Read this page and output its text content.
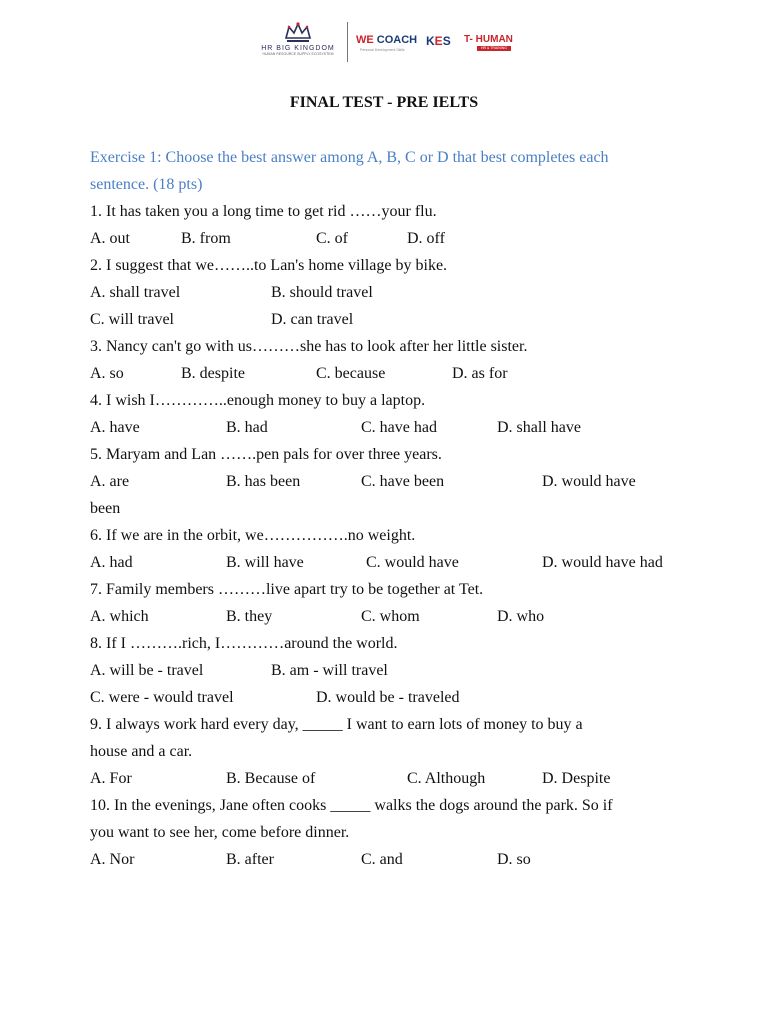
HR BIG KINGDOM
HUMAN RESOURCE SUPPLY ECOSYSTEM
WE COACH
Personal Development Skills
KES T- HUMAN
HR & TRAINING
FINAL TEST - PRE IELTS
Exercise 1: Choose the best answer among A, B, C or D that best completes each
sentence. (18 pts)
1. It has taken you a long time to get rid ……your flu.
A. out	B. from	C. of	D. off
2. I suggest that we……..to Lan's home village by bike.
A. shall travel	B. should travel
C. will travel	D. can travel
3. Nancy can't go with us………she has to look after her little sister.
A. so	B. despite	C. because	D. as for
4. I wish I…………..enough money to buy a laptop.
A. have	B. had	C. have had	D. shall have
5. Maryam and Lan …….pen pals for over three years.
A. are	B. has been	C. have been	D. would have
been
6. If we are in the orbit, we…………….no weight.
A. had	B. will have	C. would have	D. would have had
7. Family members ………live apart try to be together at Tet.
A. which	B. they	C. whom	D. who
8. If I ……….rich, I…………around the world.
A. will be - travel	B. am - will travel
C. were - would travel	D. would be - traveled
9. I always work hard every day, _____ I want to earn lots of money to buy a
house and a car.
A. For	B. Because of	C. Although	D. Despite
10. In the evenings, Jane often cooks _____ walks the dogs around the park. So if
you want to see her, come before dinner.
A. Nor	B. after	C. and	D. so
